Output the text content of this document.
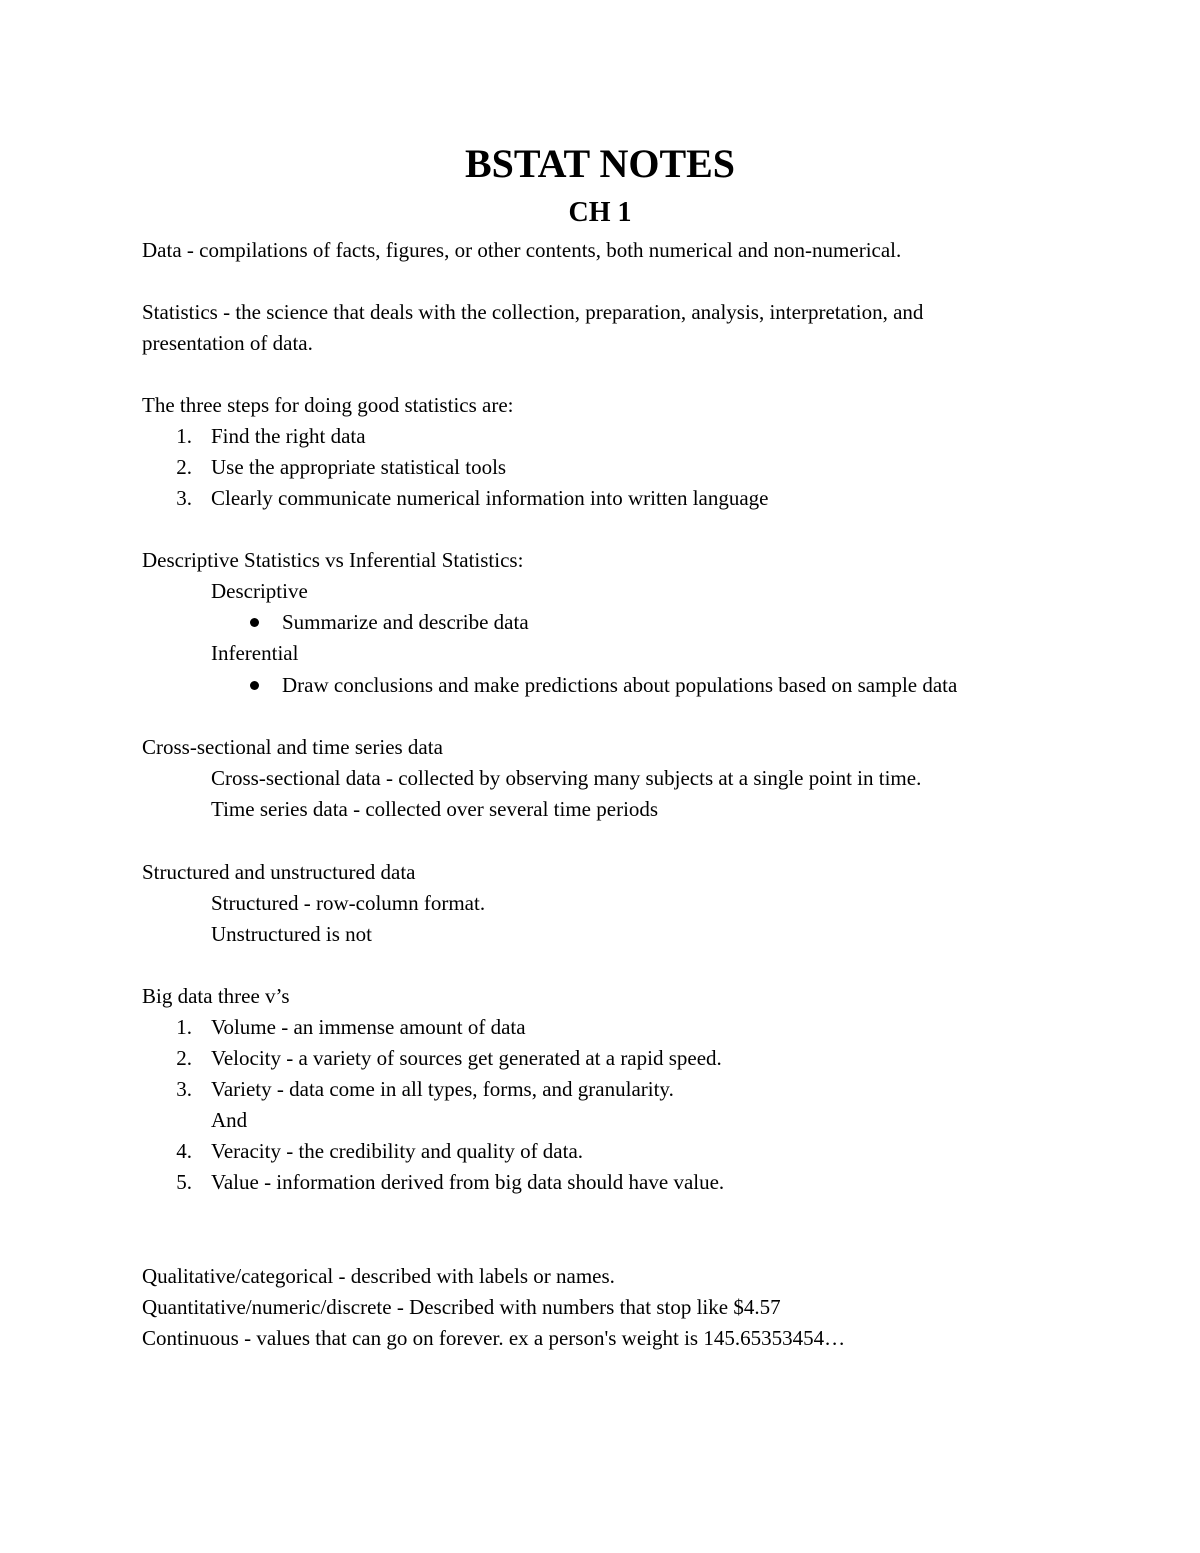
BSTAT NOTES
CH 1
Data - compilations of facts, figures, or other contents, both numerical and non-numerical.
Statistics - the science that deals with the collection, preparation, analysis, interpretation, and
presentation of data.
The three steps for doing good statistics are:
1. Find the right data
2. Use the appropriate statistical tools
3. Clearly communicate numerical information into written language
Descriptive Statistics vs Inferential Statistics:
Descriptive
Summarize and describe data
Inferential
Draw conclusions and make predictions about populations based on sample data
Cross-sectional and time series data
Cross-sectional data - collected by observing many subjects at a single point in time.
Time series data - collected over several time periods
Structured and unstructured data
Structured - row-column format.
Unstructured is not
Big data three v’s
1. Volume - an immense amount of data
2. Velocity - a variety of sources get generated at a rapid speed.
3. Variety - data come in all types, forms, and granularity.
And
4. Veracity - the credibility and quality of data.
5. Value - information derived from big data should have value.
Qualitative/categorical - described with labels or names.
Quantitative/numeric/discrete - Described with numbers that stop like $4.57
Continuous - values that can go on forever. ex a person's weight is 145.65353454…
